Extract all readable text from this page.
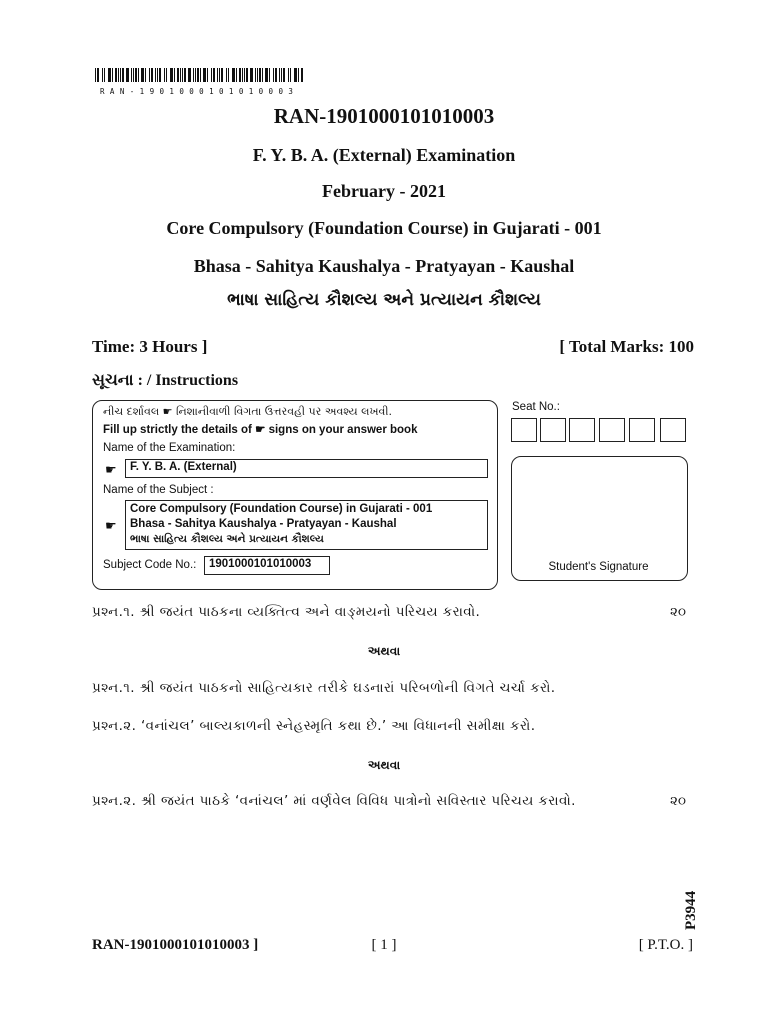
RAN-1901000101010003
RAN-1901000101010003
F. Y. B. A. (External) Examination
February - 2021
Core Compulsory (Foundation Course) in Gujarati - 001
Bhasa - Sahitya Kaushalya - Pratyayan - Kaushal
ભાષા સાહિત્ય કૌશલ્ય અને પ્રત્યાયન કૌશલ્ય
Time: 3 Hours ]	[ Total Marks: 100
સૂચના : / Instructions
નીચ દર્શાવલ ☛ નિશાનીવાળી વિગતા ઉત્તરવહી પર અવશ્ય લખવી.
Fill up strictly the details of ☛ signs on your answer book
Name of the Examination:
☛	F. Y. B. A. (External)
Name of the Subject :
☛
Core Compulsory (Foundation Course) in Gujarati - 001
Bhasa - Sahitya Kaushalya - Pratyayan - Kaushal
ભાષા સાહિત્ય કૌશલ્ય અને પ્રત્યાયન કૌશલ્ય
Subject Code No.:	1901000101010003
Seat No.:
Student's Signature
પ્રશ્ન.૧. શ્રી જયંત પાઠકના વ્યક્તિત્વ અને વાઙ્મયનો પરિચય કરાવો.	૨૦
અથવા
પ્રશ્ન.૧. શ્રી જયંત પાઠકનો સાહિત્યકાર તરીકે ઘડનારાં પરિબળોની વિગતે ચર્ચા કરો.
પ્રશ્ન.૨. ‘વનાંચલ’ બાલ્યકાળની સ્નેહસ્મૃતિ કથા છે.’ આ વિધાનની સમીક્ષા કરો.
અથવા
પ્રશ્ન.૨. શ્રી જયંત પાઠકે ‘વનાંચલ’ માં વર્ણવેલ વિવિધ પાત્રોનો સવિસ્તાર પરિચય કરાવો.	૨૦
RAN-1901000101010003 ]	[ 1 ]	[ P.T.O. ]
P3944
